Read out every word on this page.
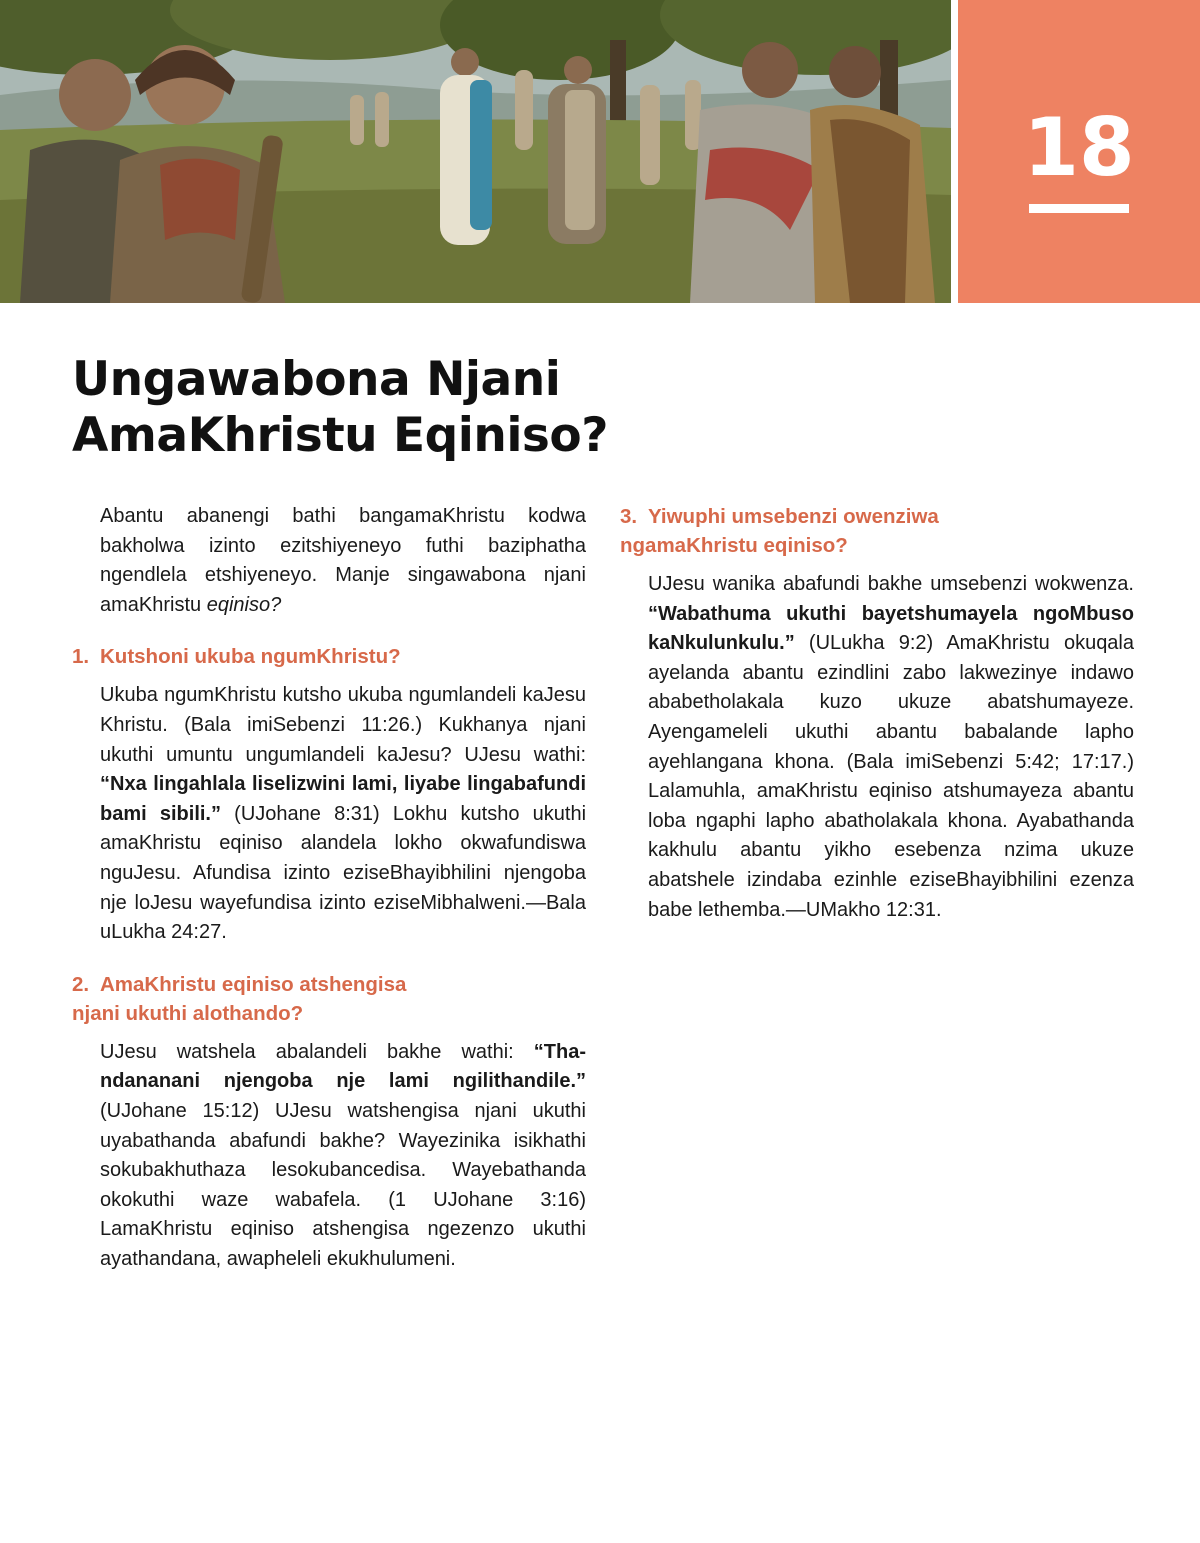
18
Ungawabona Njani
AmaKhristu Eqiniso?

Abantu abanengi bathi bangamaKhristu kodwa bakholwa izinto ezitshiyeneyo futhi baziphatha ngendlela etshiyeneyo. Manje singawabona njani amaKhristu eqiniso?

1. Kutshoni ukuba ngumKhristu?

Ukuba ngumKhristu kutsho ukuba ngumlandeli kaJesu Khristu. (Bala imiSebenzi 11:26.) Kukhanya njani ukuthi umuntu ungumlandeli kaJesu? UJesu wathi: “Nxa lingahlala liselizwini lami, liyabe lingabafundi bami sibili.” (UJohane 8:31) Lokhu kutsho ukuthi amaKhristu eqiniso alandela lokho okwafundiswa nguJesu. Afundisa izinto eziseBhayibhilini njengoba nje loJesu wayefundisa izinto eziseMibhalweni.—Bala uLukha 24:27.

2. AmaKhristu eqiniso atshengisa
njani ukuthi alothando?

UJesu watshela abalandeli bakhe wathi: “Thandananani njengoba nje lami ngilithandile.” (UJohane 15:12) UJesu watshengisa njani ukuthi uyabathanda abafundi bakhe? Wayezinika isikhathi sokubakhuthaza lesokubancedisa. Wayebathanda okokuthi waze wabafela. (1 UJohane 3:16) LamaKhristu eqiniso atshengisa ngezenzo ukuthi ayathandana, awapheleli ekukhulumeni.

3. Yiwuphi umsebenzi owenziwa
ngamaKhristu eqiniso?

UJesu wanika abafundi bakhe umsebenzi wokwenza. “Wabathuma ukuthi bayetshumayela ngoMbuso kaNkulunkulu.” (ULukha 9:2) AmaKhristu okuqala ayelanda abantu ezindlini zabo lakwezinye indawo ababetholakala kuzo ukuze abatshumayeze. Ayengameleli ukuthi abantu babalande lapho ayehlangana khona. (Bala imiSebenzi 5:42; 17:17.) Lalamuhla, amaKhristu eqiniso atshumayeza abantu loba ngaphi lapho abatholakala khona. Ayabathanda kakhulu abantu yikho esebenza nzima ukuze abatshele izindaba ezinhle eziseBhayibhilini ezenza babe lethemba.—UMakho 12:31.
